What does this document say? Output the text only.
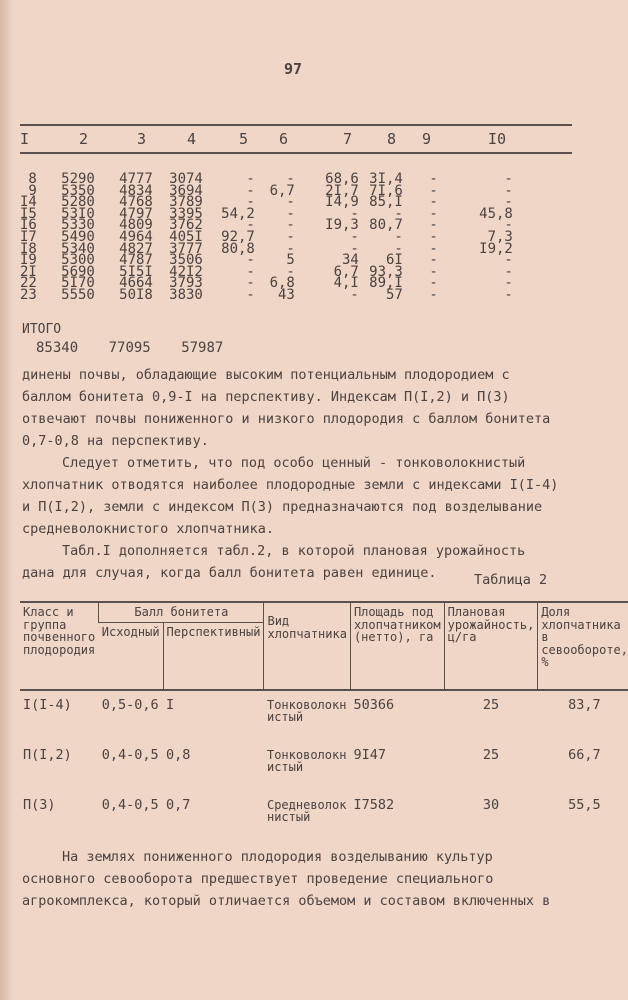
97
I	2	3	4	5	6	7	8	9	I0
8	5290	4777	3074	-	-	68,6	3I,4	-	-
9	5350	4834	3694	-	6,7	2I,7	7I,6	-	-
I4	5280	4768	3789	-	-	I4,9	85,I	-	-
I5	53I0	4797	3395	54,2	-	-	-	-	45,8
I6	5330	4809	3762	-	-	I9,3	80,7	-	-
I7	5490	4964	405I	92,7	-	-	-	-	7,3
I8	5340	4827	3777	80,8	-	-	-	-	I9,2
I9	5300	4787	3506	-	5	34	6I	-	-
2I	5690	5I5I	42I2	-	-	6,7	93,3	-	-
22	5I70	4664	3793	-	6,8	4,I	89,I	-	-
23	5550	50I8	3830	-	43	-	57	-	-
ИТОГО
85340 77095 57987

динены почвы, обладающие высоким потенциальным плодородием с баллом бонитета 0,9-I на перспективу. Индексам П(I,2) и П(3) отвечают почвы пониженного и низкого плодородия с баллом бонитета 0,7-0,8 на перспективу.

Следует отметить, что под особо ценный - тонковолокнистый хлопчатник отводятся наиболее плодородные земли с индексами I(I-4) и П(I,2), земли с индексом П(3) предназначаются под возделывание средневолокнистого хлопчатника.

Табл.I дополняется табл.2, в которой плановая урожайность дана для случая, когда балл бонитета равен единице.	Таблица 2
Класс и группа почвенного плодородия	Балл бонитета		Вид хлопчатника	Площадь под хлопчатником (нетто), га	Плановая урожайность, ц/га	Доля хлопчатника в севообороте, %
	Исходный	Перспективный				
I(I-4)	0,5-0,6	I	Тонковолокнистый	50366	25	83,7
П(I,2)	0,4-0,5	0,8	Тонковолокнистый	9I47	25	66,7
П(3)	0,4-0,5	0,7	Средневолокнистый	I7582	30	55,5

На землях пониженного плодородия возделыванию культур основного севооборота предшествует проведение специального агрокомплекса, который отличается объемом и составом включенных в
